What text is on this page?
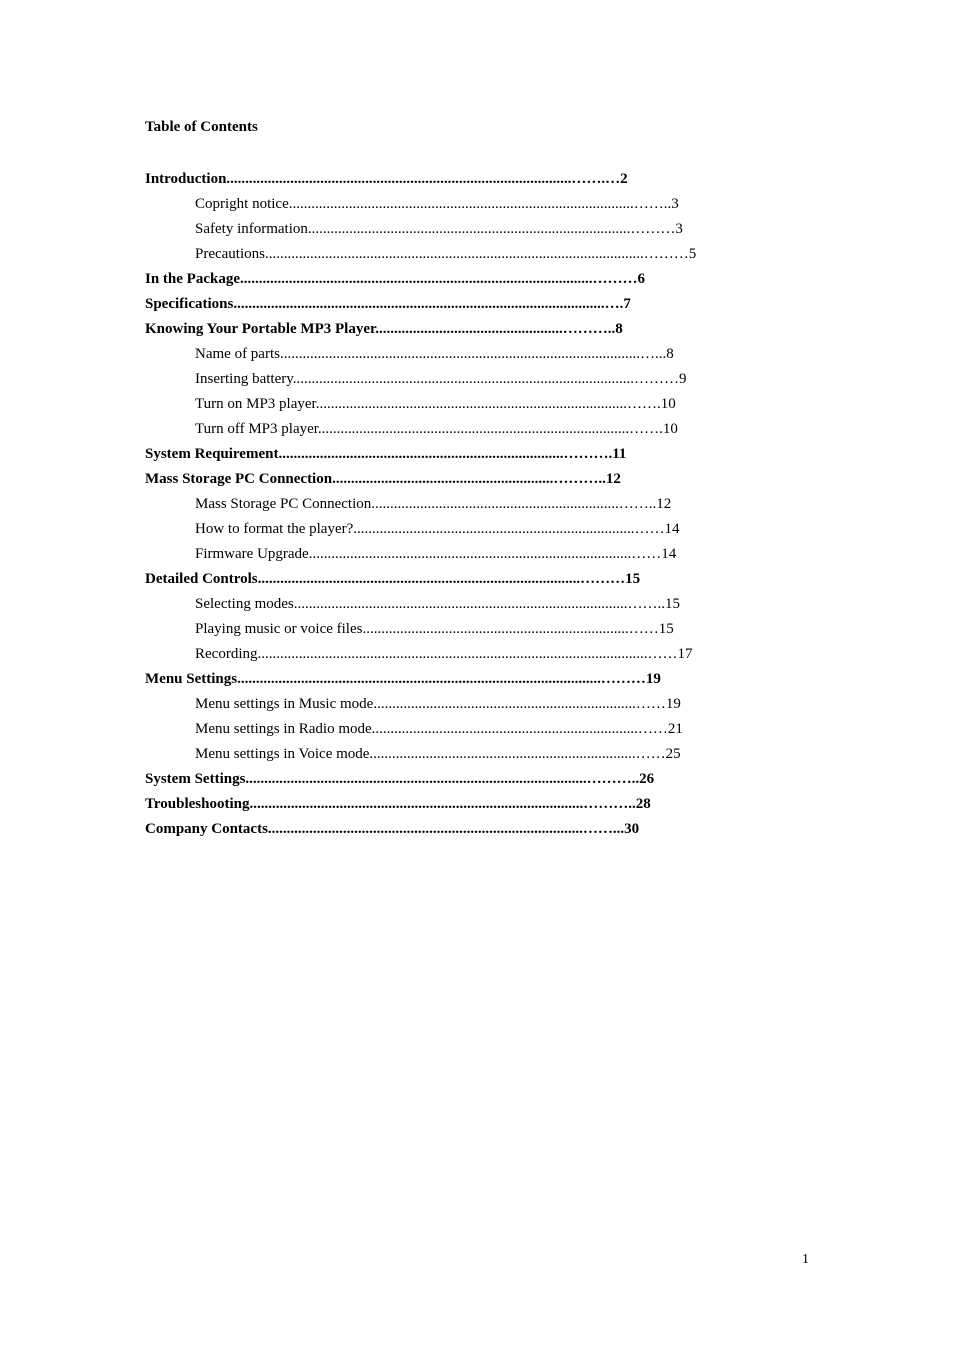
Table of Contents
Introduction............................................................................................…….…2
Copright notice............................................................................................……..3
Safety information......................................................................................………3
Precautions.....................................................................................................………5
In the Package..............................................................................................………6
Specifications...................................................................................................….7
Knowing Your Portable MP3 Player..................................................………..8
Name of parts................................................................................................…...8
Inserting battery...........................................................................................………9
Turn on MP3 player...................................................................................…….10
Turn off MP3 player...................................................................................…….10
System Requirement............................................................................……….11
Mass Storage PC Connection...........................................................………..12
Mass Storage PC Connection..................................................................……..12
How to format the player?...........................................................................……14
Firmware Upgrade......................................................................................……14
Detailed Controls......................................................................................………15
Selecting modes.........................................................................................……..15
Playing music or voice files.......................................................................……15
Recording........................................................................................................……17
Menu Settings.................................................................................................………19
Menu settings in Music mode......................................................................……19
Menu settings in Radio mode.......................................................................……21
Menu settings in Voice mode.......................................................................……25
System Settings...........................................................................................………..26
Troubleshooting.........................................................................................………..28
Company Contacts....................................................................................……...30
1
